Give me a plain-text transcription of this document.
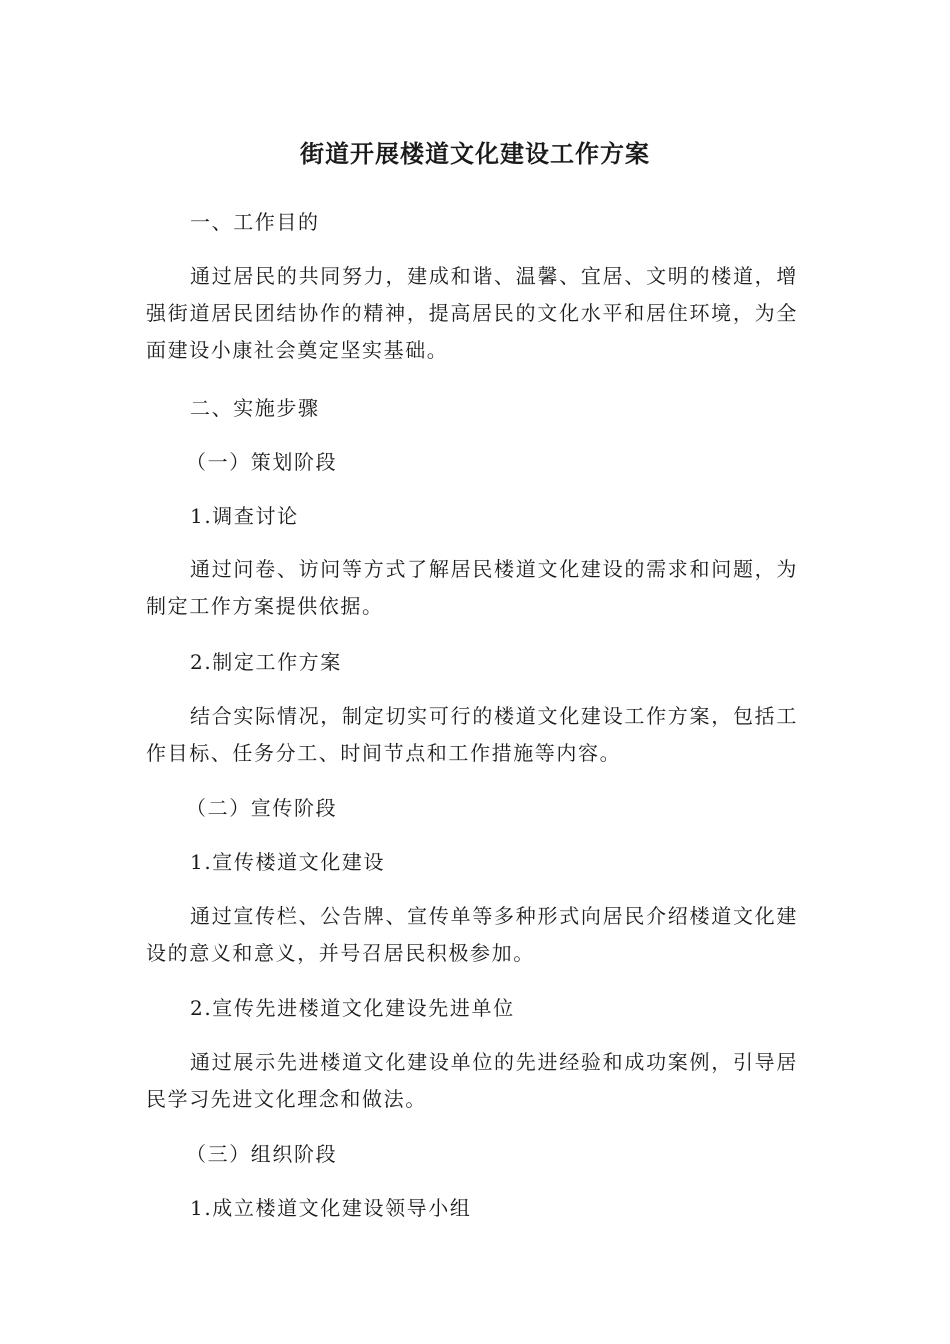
街道开展楼道文化建设工作方案

一、工作目的

通过居民的共同努力，建成和谐、温馨、宜居、文明的楼道，增强街道居民团结协作的精神，提高居民的文化水平和居住环境，为全面建设小康社会奠定坚实基础。

二、实施步骤

（一）策划阶段

1.调查讨论

通过问卷、访问等方式了解居民楼道文化建设的需求和问题，为制定工作方案提供依据。

2.制定工作方案

结合实际情况，制定切实可行的楼道文化建设工作方案，包括工作目标、任务分工、时间节点和工作措施等内容。

（二）宣传阶段

1.宣传楼道文化建设

通过宣传栏、公告牌、宣传单等多种形式向居民介绍楼道文化建设的意义和意义，并号召居民积极参加。

2.宣传先进楼道文化建设先进单位

通过展示先进楼道文化建设单位的先进经验和成功案例，引导居民学习先进文化理念和做法。

（三）组织阶段

1.成立楼道文化建设领导小组
